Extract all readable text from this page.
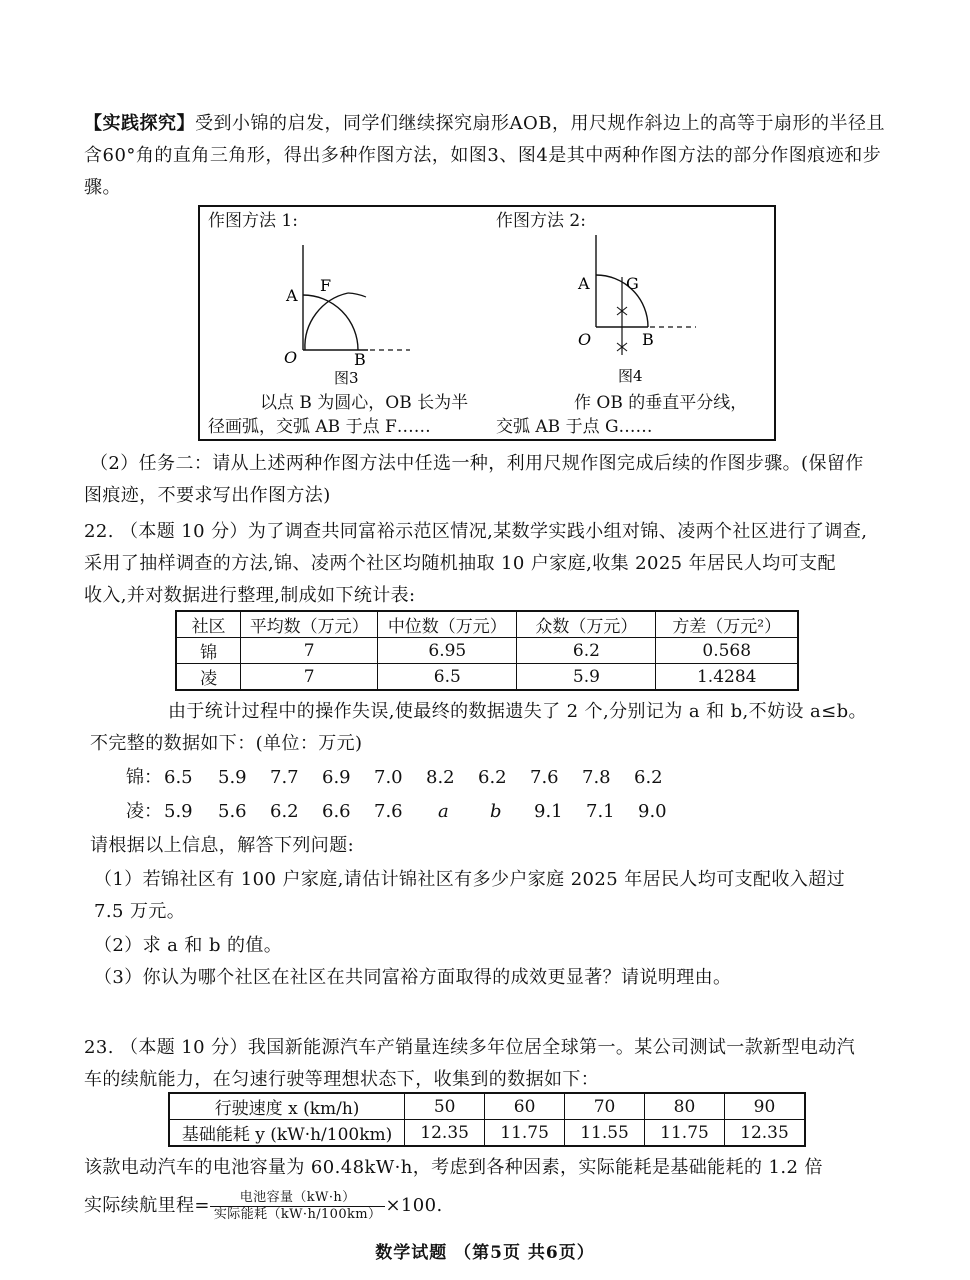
【实践探究】受到小锦的启发，同学们继续探究扇形AOB，用尺规作斜边上的高等于扇形的半径且含60°角的直角三角形，得出多种作图方法，如图3、图4是其中两种作图方法的部分作图痕迹和步骤。

作图方法 1:	作图方法 2:
A
F
O	B
图3
A G
O	B
图4
以点 B 为圆心，OB 长为半
径画弧，交弧 AB 于点 F……
作 OB 的垂直平分线，
交弧 AB 于点 G……
（2）任务二：请从上述两种作图方法中任选一种，利用尺规作图完成后续的作图步骤。(保留作
图痕迹，不要求写出作图方法)
22. （本题 10 分）为了调查共同富裕示范区情况,某数学实践小组对锦、凌两个社区进行了调查,
采用了抽样调查的方法,锦、凌两个社区均随机抽取 10 户家庭,收集 2025 年居民人均可支配
收入,并对数据进行整理,制成如下统计表:
社区	平均数（万元）	中位数（万元）	众数（万元）	方差（万元²）
锦	7	6.95	6.2	0.568
凌	7	6.5	5.9	1.4284
由于统计过程中的操作失误,使最终的数据遗失了 2 个,分别记为 a 和 b,不妨设 a≤b。
不完整的数据如下：(单位：万元)
锦： 6.5 5.9 7.7 6.9 7.0 8.2 6.2 7.6 7.8 6.2
凌： 5.9 5.6 6.2 6.6 7.6 a b 9.1 7.1 9.0
请根据以上信息，解答下列问题:
（1）若锦社区有 100 户家庭,请估计锦社区有多少户家庭 2025 年居民人均可支配收入超过
7.5 万元。
（2）求 a 和 b 的值。
（3）你认为哪个社区在社区在共同富裕方面取得的成效更显著？请说明理由。
23. （本题 10 分）我国新能源汽车产销量连续多年位居全球第一。某公司测试一款新型电动汽
车的续航能力，在匀速行驶等理想状态下，收集到的数据如下：
行驶速度 x (km/h)	50	60	70	80	90
基础能耗 y (kW·h/100km)	12.35	11.75	11.55	11.75	12.35
该款电动汽车的电池容量为 60.48kW·h，考虑到各种因素，实际能耗是基础能耗的 1.2 倍
实际续航里程= $\frac{\text{电池容量（kW·h）}}{\text{实际能耗（kW·h/100km）}} \times 100$.
数学试题 （第5页 共6页）
